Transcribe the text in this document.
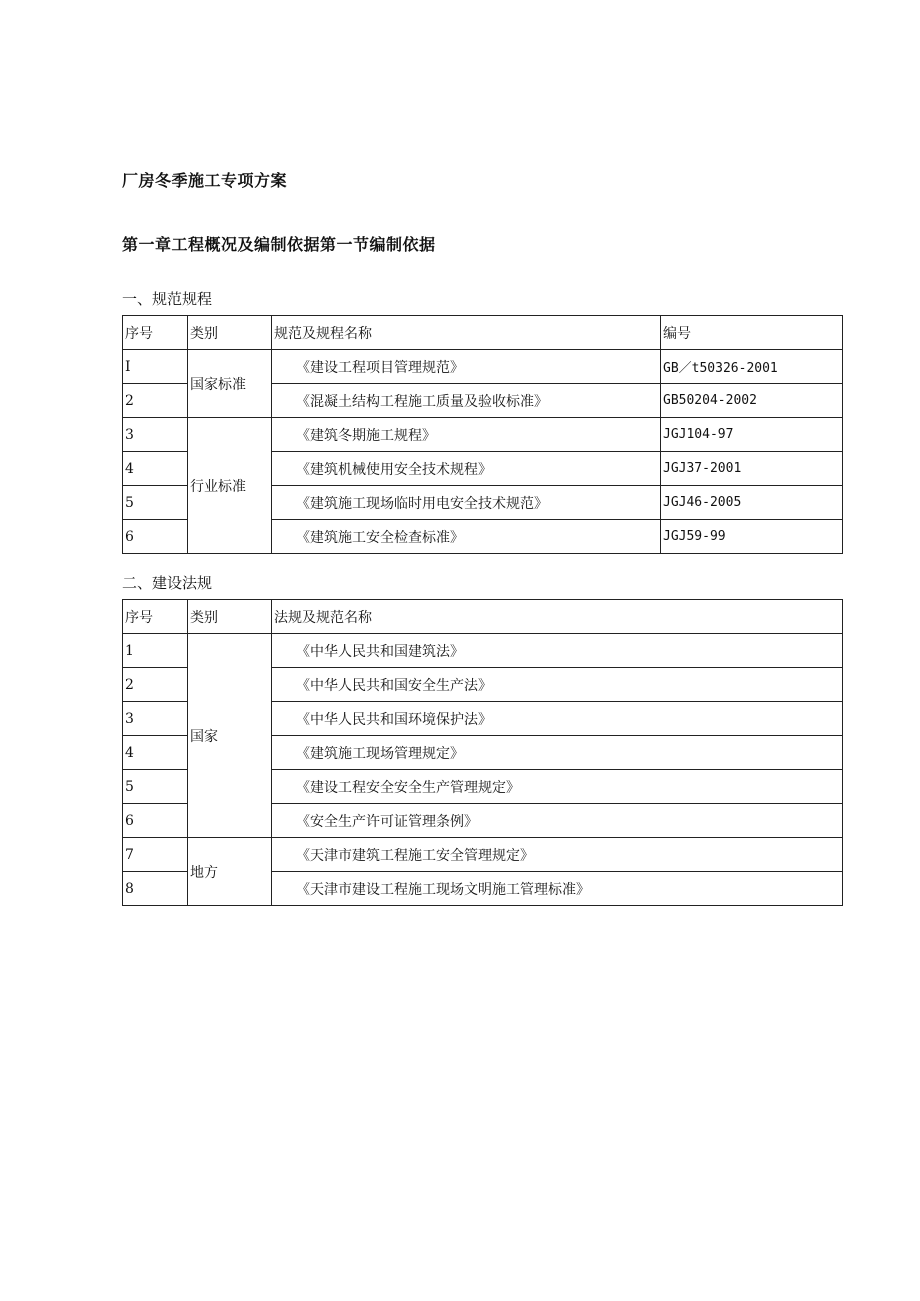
厂房冬季施工专项方案
第一章工程概况及编制依据第一节编制依据
一、规范规程
序号	类别	规范及规程名称	编号
I	国家标准	《建设工程项目管理规范》	GB／t50326-2001
2		《混凝土结构工程施工质量及验收标准》	GB50204-2002
3	行业标准	《建筑冬期施工规程》	JGJ104-97
4		《建筑机械使用安全技术规程》	JGJ37-2001
5		《建筑施工现场临时用电安全技术规范》	JGJ46-2005
6		《建筑施工安全检查标准》	JGJ59-99
二、建设法规
序号	类别	法规及规范名称
1	国家	《中华人民共和国建筑法》
2		《中华人民共和国安全生产法》
3		《中华人民共和国环境保护法》
4		《建筑施工现场管理规定》
5		《建设工程安全安全生产管理规定》
6		《安全生产许可证管理条例》
7	地方	《天津市建筑工程施工安全管理规定》
8		《天津市建设工程施工现场文明施工管理标准》
